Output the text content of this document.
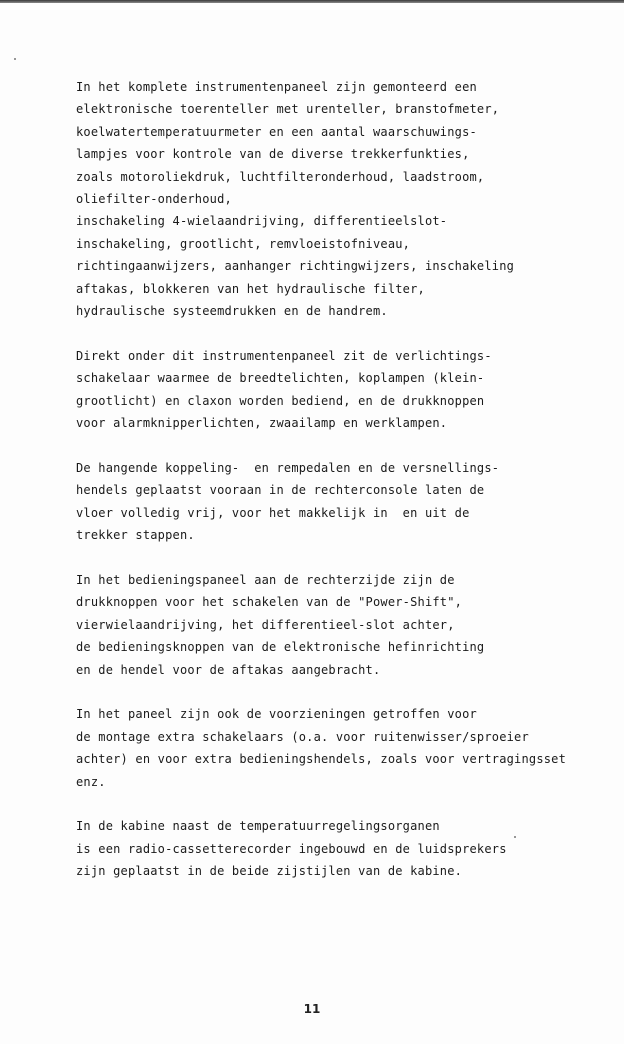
In het komplete instrumentenpaneel zijn gemonteerd een
elektronische toerenteller met urenteller, branstofmeter,
koelwatertemperatuurmeter en een aantal waarschuwings-
lampjes voor kontrole van de diverse trekkerfunkties,
zoals motoroliekdruk, luchtfilteronderhoud, laadstroom,
oliefilter-onderhoud,
inschakeling 4-wielaandrijving, differentieelslot-
inschakeling, grootlicht, remvloeistofniveau,
richtingaanwijzers, aanhanger richtingwijzers, inschakeling
aftakas, blokkeren van het hydraulische filter,
hydraulische systeemdrukken en de handrem.
Direkt onder dit instrumentenpaneel zit de verlichtings-
schakelaar waarmee de breedtelichten, koplampen (klein-
grootlicht) en claxon worden bediend, en de drukknoppen
voor alarmknipperlichten, zwaailamp en werklampen.
De hangende koppeling-  en rempedalen en de versnellings-
hendels geplaatst vooraan in de rechterconsole laten de
vloer volledig vrij, voor het makkelijk in  en uit de
trekker stappen.
In het bedieningspaneel aan de rechterzijde zijn de
drukknoppen voor het schakelen van de "Power-Shift",
vierwielaandrijving, het differentieel-slot achter,
de bedieningsknoppen van de elektronische hefinrichting
en de hendel voor de aftakas aangebracht.
In het paneel zijn ook de voorzieningen getroffen voor
de montage extra schakelaars (o.a. voor ruitenwisser/sproeier
achter) en voor extra bedieningshendels, zoals voor vertragingsset
enz.
In de kabine naast de temperatuurregelingsorganen
is een radio-cassetterecorder ingebouwd en de luidsprekers
zijn geplaatst in de beide zijstijlen van de kabine.
11
